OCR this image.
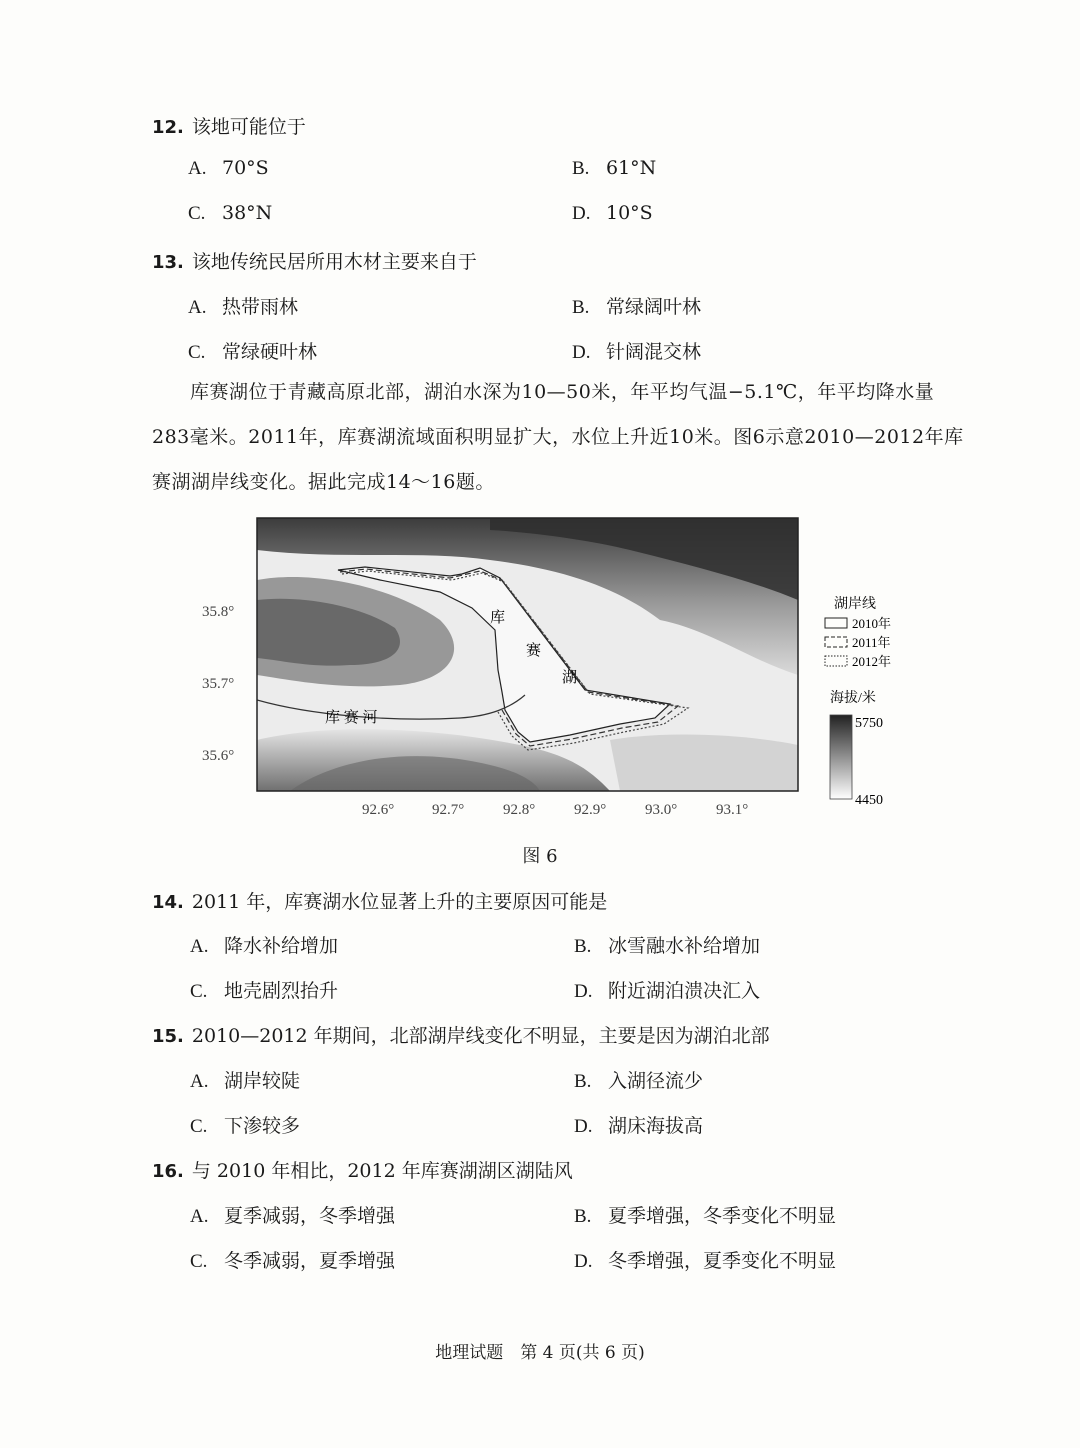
12. 该地可能位于
A. 70°S	B. 61°N
C. 38°N	D. 10°S
13. 该地传统民居所用木材主要来自于
A. 热带雨林	B. 常绿阔叶林
C. 常绿硬叶林	D. 针阔混交林
库赛湖位于青藏高原北部，湖泊水深为10—50米，年平均气温−5.1℃，年平均降水量283毫米。2011年，库赛湖流域面积明显扩大，水位上升近10米。图6示意2010—2012年库赛湖湖岸线变化。据此完成14～16题。
库
赛
湖
库 赛 河
35.8°
35.7°
35.6°
92.6°	92.7°	92.8°	92.9°	93.0°	93.1°
湖岸线
2010年
2011年
2012年
海拔/米
5750
4450
图 6
14. 2011 年，库赛湖水位显著上升的主要原因可能是
A. 降水补给增加	B. 冰雪融水补给增加
C. 地壳剧烈抬升	D. 附近湖泊溃决汇入
15. 2010—2012 年期间，北部湖岸线变化不明显，主要是因为湖泊北部
A. 湖岸较陡	B. 入湖径流少
C. 下渗较多	D. 湖床海拔高
16. 与 2010 年相比，2012 年库赛湖湖区湖陆风
A. 夏季减弱，冬季增强	B. 夏季增强，冬季变化不明显
C. 冬季减弱，夏季增强	D. 冬季增强，夏季变化不明显
地理试题　第 4 页(共 6 页)
